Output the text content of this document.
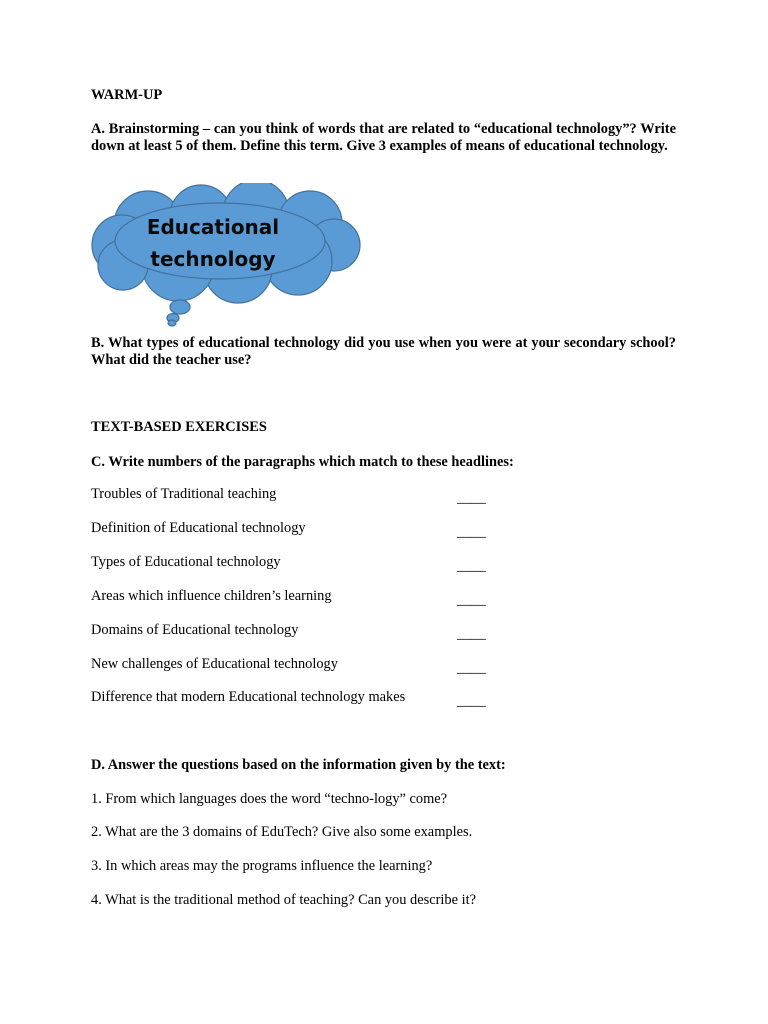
WARM-UP
A. Brainstorming – can you think of words that are related to “educational technology”? Write down at least 5 of them. Define this term. Give 3 examples of means of educational technology.
Educational
technology
B. What types of educational technology did you use when you were at your secondary school? What did the teacher use?
TEXT-BASED EXERCISES
C. Write numbers of the paragraphs which match to these headlines:
Troubles of Traditional teaching	____
Definition of Educational technology	____
Types of Educational technology	____
Areas which influence children’s learning	____
Domains of Educational technology	____
New challenges of Educational technology	____
Difference that modern Educational technology makes	____
D. Answer the questions based on the information given by the text:
1. From which languages does the word “techno-logy” come?
2. What are the 3 domains of EduTech? Give also some examples.
3. In which areas may the programs influence the learning?
4. What is the traditional method of teaching? Can you describe it?
